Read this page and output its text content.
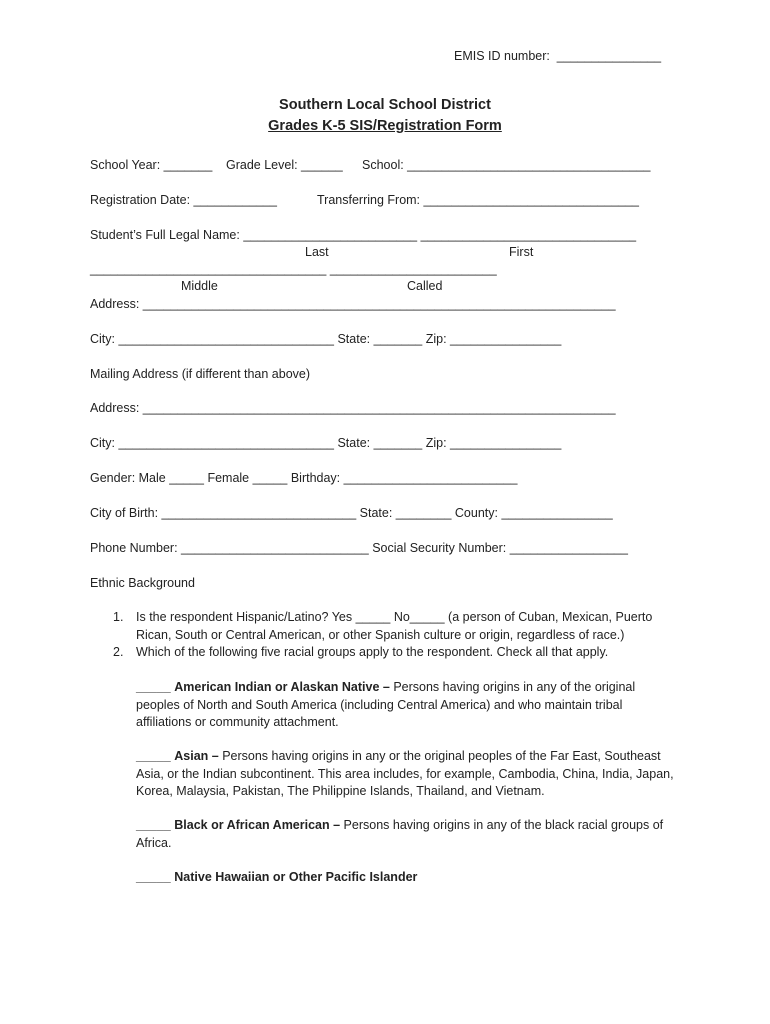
EMIS ID number:  _______________
Southern Local School District
Grades K-5 SIS/Registration Form
School Year: _______ Grade Level: ______ School: ___________________________________
Registration Date: ____________	Transferring From: _______________________________
Student’s Full Legal Name: _________________________ _______________________________
Last	First
__________________________________ ________________________
Middle	Called
Address: ____________________________________________________________________
City: _______________________________ State: _______ Zip: ________________
Mailing Address (if different than above)
Address: ____________________________________________________________________
City: _______________________________ State: _______ Zip: ________________
Gender: Male _____ Female _____ Birthday: _________________________
City of Birth: ____________________________ State: ________ County: ________________
Phone Number: ___________________________ Social Security Number: _________________
Ethnic Background
1. Is the respondent Hispanic/Latino? Yes _____ No_____ (a person of Cuban, Mexican, Puerto
Rican, South or Central American, or other Spanish culture or origin, regardless of race.)
2. Which of the following five racial groups apply to the respondent. Check all that apply.
_____ American Indian or Alaskan Native – Persons having origins in any of the original peoples of North and South America (including Central America) and who maintain tribal affiliations or community attachment.
_____ Asian – Persons having origins in any or the original peoples of the Far East, Southeast Asia, or the Indian subcontinent. This area includes, for example, Cambodia, China, India, Japan, Korea, Malaysia, Pakistan, The Philippine Islands, Thailand, and Vietnam.
_____ Black or African American – Persons having origins in any of the black racial groups of Africa.
_____ Native Hawaiian or Other Pacific Islander
